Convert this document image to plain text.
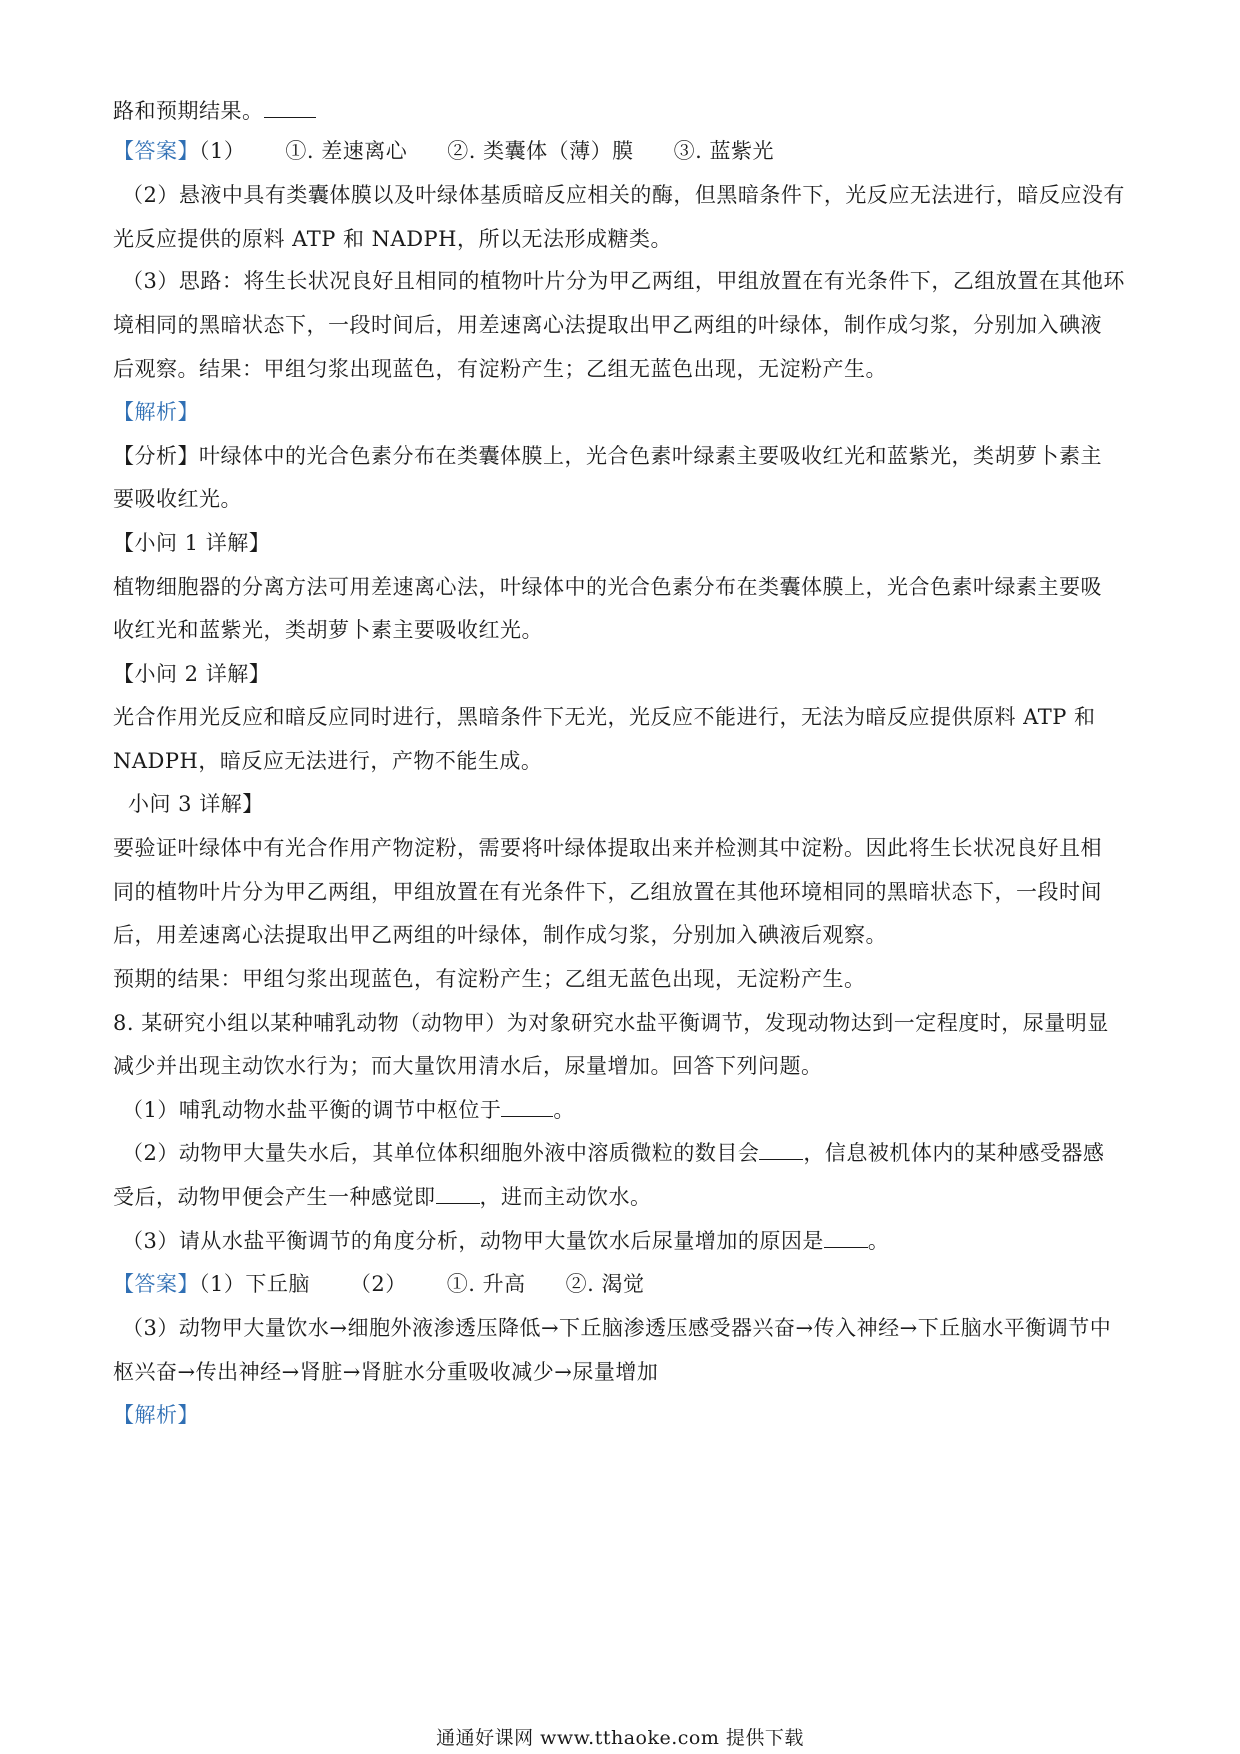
路和预期结果。
【答案】（1） ①. 差速离心 ②. 类囊体（薄）膜 ③. 蓝紫光
（2）悬液中具有类囊体膜以及叶绿体基质暗反应相关的酶，但黑暗条件下，光反应无法进行，暗反应没有
光反应提供的原料 ATP 和 NADPH，所以无法形成糖类。
（3）思路：将生长状况良好且相同的植物叶片分为甲乙两组，甲组放置在有光条件下，乙组放置在其他环
境相同的黑暗状态下，一段时间后，用差速离心法提取出甲乙两组的叶绿体，制作成匀浆，分别加入碘液
后观察。结果：甲组匀浆出现蓝色，有淀粉产生；乙组无蓝色出现，无淀粉产生。
【解析】
【分析】叶绿体中的光合色素分布在类囊体膜上，光合色素叶绿素主要吸收红光和蓝紫光，类胡萝卜素主
要吸收红光。
【小问 1 详解】
植物细胞器的分离方法可用差速离心法，叶绿体中的光合色素分布在类囊体膜上，光合色素叶绿素主要吸
收红光和蓝紫光，类胡萝卜素主要吸收红光。
【小问 2 详解】
光合作用光反应和暗反应同时进行，黑暗条件下无光，光反应不能进行，无法为暗反应提供原料 ATP 和
NADPH，暗反应无法进行，产物不能生成。
小问 3 详解】
要验证叶绿体中有光合作用产物淀粉，需要将叶绿体提取出来并检测其中淀粉。因此将生长状况良好且相
同的植物叶片分为甲乙两组，甲组放置在有光条件下，乙组放置在其他环境相同的黑暗状态下，一段时间
后，用差速离心法提取出甲乙两组的叶绿体，制作成匀浆，分别加入碘液后观察。
预期的结果：甲组匀浆出现蓝色，有淀粉产生；乙组无蓝色出现，无淀粉产生。
8. 某研究小组以某种哺乳动物（动物甲）为对象研究水盐平衡调节，发现动物达到一定程度时，尿量明显
减少并出现主动饮水行为；而大量饮用清水后，尿量增加。回答下列问题。
（1）哺乳动物水盐平衡的调节中枢位于 。
（2）动物甲大量失水后，其单位体积细胞外液中溶质微粒的数目会 ，信息被机体内的某种感受器感
受后，动物甲便会产生一种感觉即 ，进而主动饮水。
（3）请从水盐平衡调节的角度分析，动物甲大量饮水后尿量增加的原因是 。
【答案】（1）下丘脑 （2） ①. 升高 ②. 渴觉
（3）动物甲大量饮水→细胞外液渗透压降低→下丘脑渗透压感受器兴奋→传入神经→下丘脑水平衡调节中
枢兴奋→传出神经→肾脏→肾脏水分重吸收减少→尿量增加
【解析】
通通好课网 www.tthaoke.com 提供下载
